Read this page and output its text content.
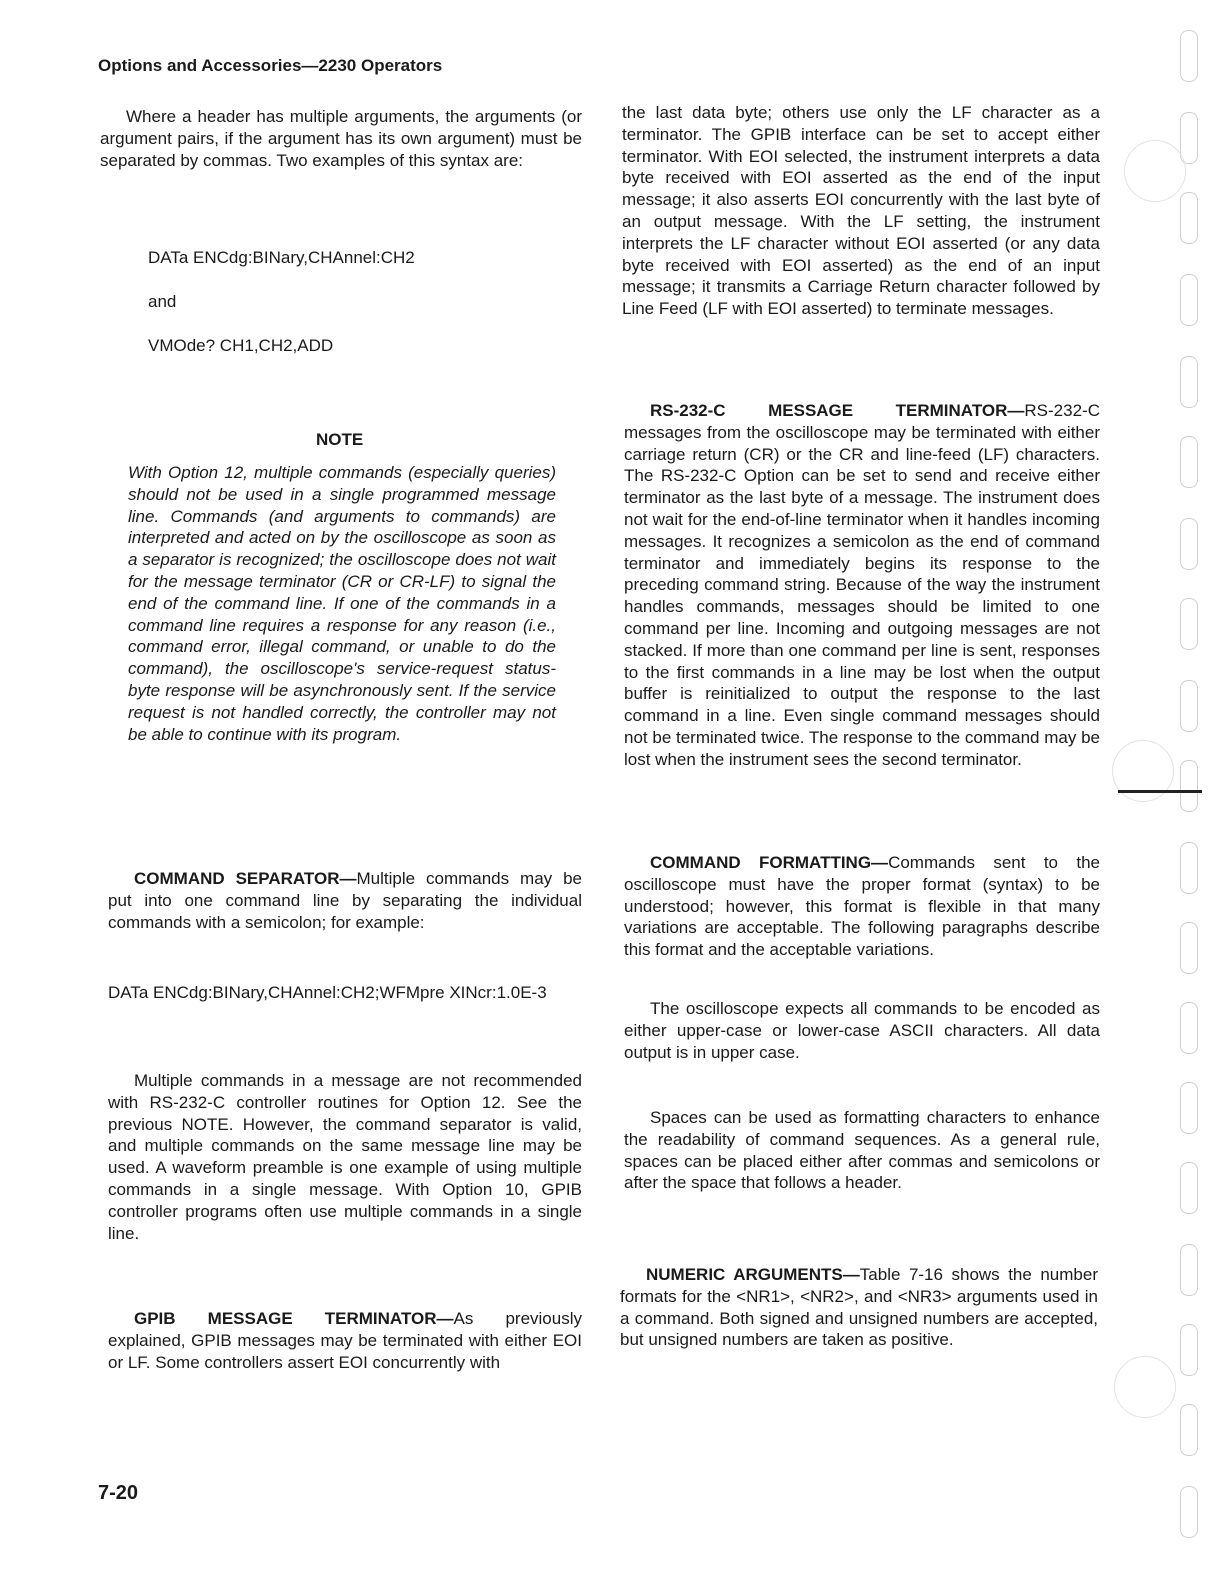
Options and Accessories—2230 Operators

Where a header has multiple arguments, the arguments (or argument pairs, if the argument has its own argument) must be separated by commas. Two examples of this syntax are:

DATa ENCdg:BINary,CHAnnel:CH2
and
VMOde? CH1,CH2,ADD
NOTE
With Option 12, multiple commands (especially queries) should not be used in a single programmed message line. Commands (and arguments to commands) are interpreted and acted on by the oscilloscope as soon as a separator is recognized; the oscilloscope does not wait for the message terminator (CR or CR-LF) to signal the end of the command line. If one of the commands in a command line requires a response for any reason (i.e., command error, illegal command, or unable to do the command), the oscilloscope's service-request status-byte response will be asynchronously sent. If the service request is not handled correctly, the controller may not be able to continue with its program.

COMMAND SEPARATOR—Multiple commands may be put into one command line by separating the individual commands with a semicolon; for example:

DATa ENCdg:BINary,CHAnnel:CH2;WFMpre XINcr:1.0E-3

Multiple commands in a message are not recommended with RS-232-C controller routines for Option 12. See the previous NOTE. However, the command separator is valid, and multiple commands on the same message line may be used. A waveform preamble is one example of using multiple commands in a single message. With Option 10, GPIB controller programs often use multiple commands in a single line.

GPIB MESSAGE TERMINATOR—As previously explained, GPIB messages may be terminated with either EOI or LF. Some controllers assert EOI concurrently with

the last data byte; others use only the LF character as a terminator. The GPIB interface can be set to accept either terminator. With EOI selected, the instrument interprets a data byte received with EOI asserted as the end of the input message; it also asserts EOI concurrently with the last byte of an output message. With the LF setting, the instrument interprets the LF character without EOI asserted (or any data byte received with EOI asserted) as the end of an input message; it transmits a Carriage Return character followed by Line Feed (LF with EOI asserted) to terminate messages.

RS-232-C MESSAGE TERMINATOR—RS-232-C messages from the oscilloscope may be terminated with either carriage return (CR) or the CR and line-feed (LF) characters. The RS-232-C Option can be set to send and receive either terminator as the last byte of a message. The instrument does not wait for the end-of-line terminator when it handles incoming messages. It recognizes a semicolon as the end of command terminator and immediately begins its response to the preceding command string. Because of the way the instrument handles commands, messages should be limited to one command per line. Incoming and outgoing messages are not stacked. If more than one command per line is sent, responses to the first commands in a line may be lost when the output buffer is reinitialized to output the response to the last command in a line. Even single command messages should not be terminated twice. The response to the command may be lost when the instrument sees the second terminator.

COMMAND FORMATTING—Commands sent to the oscilloscope must have the proper format (syntax) to be understood; however, this format is flexible in that many variations are acceptable. The following paragraphs describe this format and the acceptable variations.

The oscilloscope expects all commands to be encoded as either upper-case or lower-case ASCII characters. All data output is in upper case.

Spaces can be used as formatting characters to enhance the readability of command sequences. As a general rule, spaces can be placed either after commas and semicolons or after the space that follows a header.

NUMERIC ARGUMENTS—Table 7-16 shows the number formats for the <NR1>, <NR2>, and <NR3> arguments used in a command. Both signed and unsigned numbers are accepted, but unsigned numbers are taken as positive.

7-20
